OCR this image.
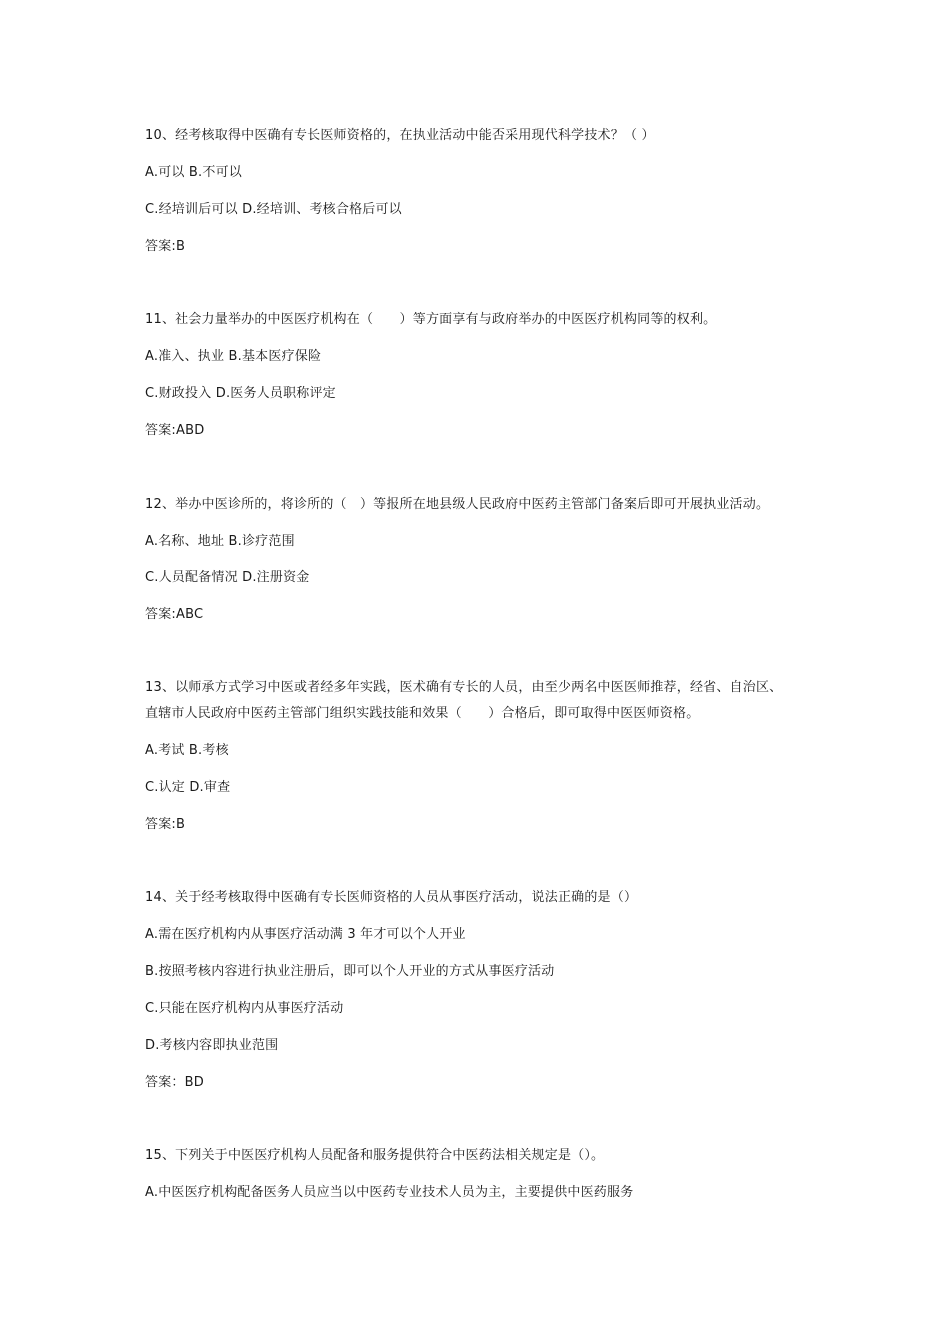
10、经考核取得中医确有专长医师资格的，在执业活动中能否采用现代科学技术？（ ）
A.可以 B.不可以
C.经培训后可以 D.经培训、考核合格后可以
答案:B
11、社会力量举办的中医医疗机构在（　　）等方面享有与政府举办的中医医疗机构同等的权利。
A.准入、执业 B.基本医疗保险
C.财政投入 D.医务人员职称评定
答案:ABD
12、举办中医诊所的，将诊所的（　）等报所在地县级人民政府中医药主管部门备案后即可开展执业活动。
A.名称、地址 B.诊疗范围
C.人员配备情况 D.注册资金
答案:ABC
13、以师承方式学习中医或者经多年实践，医术确有专长的人员，由至少两名中医医师推荐，经省、自治区、
直辖市人民政府中医药主管部门组织实践技能和效果（　　）合格后，即可取得中医医师资格。
A.考试 B.考核
C.认定 D.审查
答案:B
14、关于经考核取得中医确有专长医师资格的人员从事医疗活动，说法正确的是（）
A.需在医疗机构内从事医疗活动满 3 年才可以个人开业
B.按照考核内容进行执业注册后，即可以个人开业的方式从事医疗活动
C.只能在医疗机构内从事医疗活动
D.考核内容即执业范围
答案：BD
15、下列关于中医医疗机构人员配备和服务提供符合中医药法相关规定是（）。
A.中医医疗机构配备医务人员应当以中医药专业技术人员为主，主要提供中医药服务
